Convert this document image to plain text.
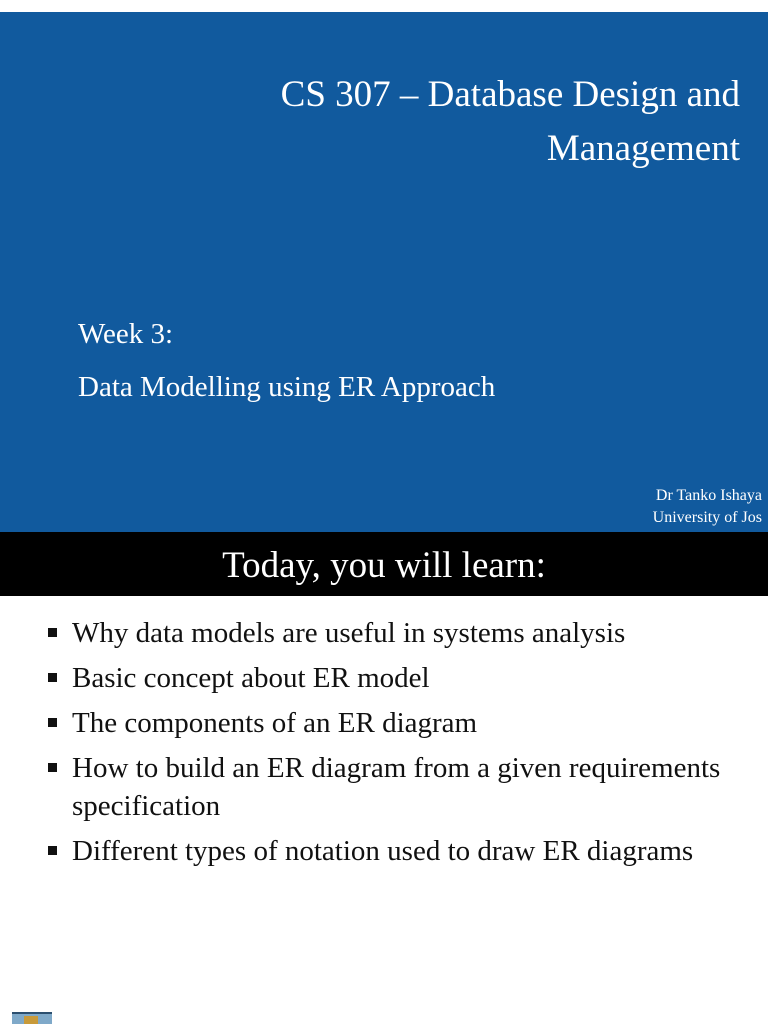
CS 307 – Database Design and Management
Week 3:
Data Modelling using ER Approach
Dr Tanko Ishaya
University of Jos
Today, you will learn:
Why data models are useful in systems analysis
Basic concept about ER model
The components of an ER diagram
How to build an ER diagram from a given requirements specification
Different types of notation used to draw ER diagrams
